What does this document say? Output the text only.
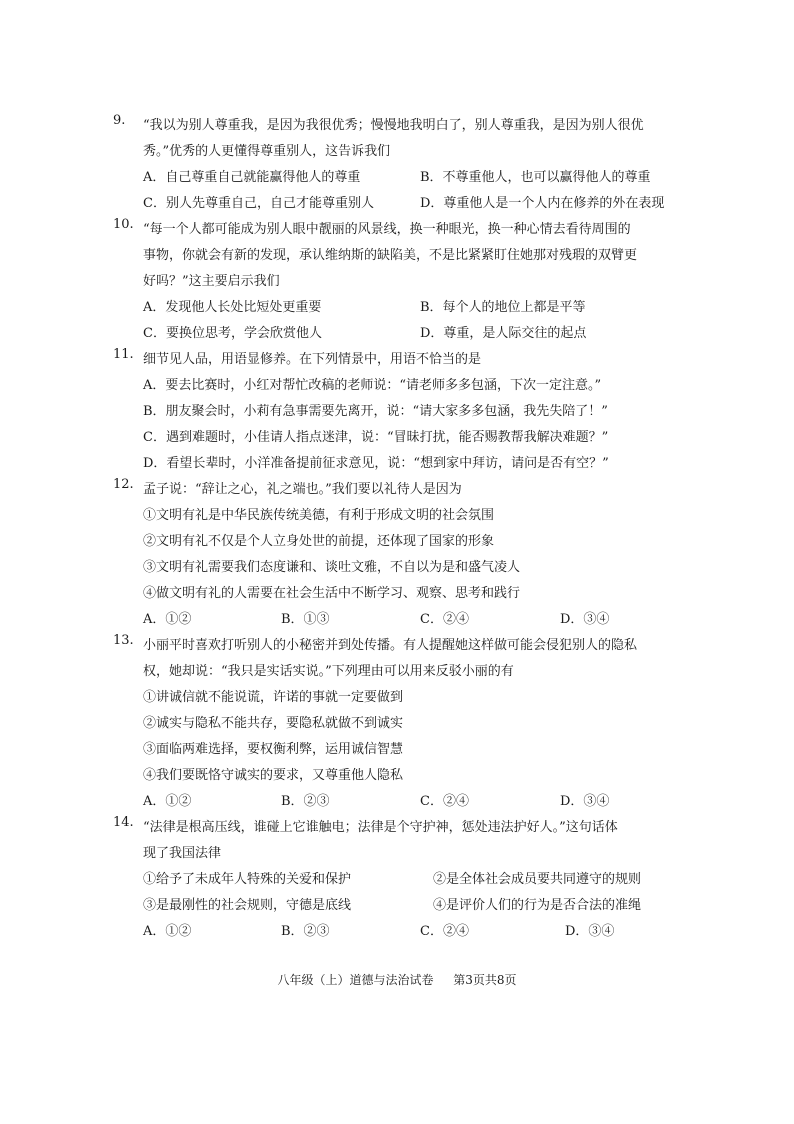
9.	“我以为别人尊重我，是因为我很优秀；慢慢地我明白了，别人尊重我，是因为别人很优
秀。”优秀的人更懂得尊重别人，这告诉我们
A．自己尊重自己就能赢得他人的尊重	B．不尊重他人，也可以赢得他人的尊重
C．别人先尊重自己，自己才能尊重别人	D．尊重他人是一个人内在修养的外在表现
10. “每一个人都可能成为别人眼中靓丽的风景线，换一种眼光，换一种心情去看待周围的
事物，你就会有新的发现，承认维纳斯的缺陷美，不是比紧紧盯住她那对残瑕的双臂更
好吗？”这主要启示我们
A．发现他人长处比短处更重要	B．每个人的地位上都是平等
C．要换位思考，学会欣赏他人	D．尊重，是人际交往的起点
11. 细节见人品，用语显修养。在下列情景中，用语不恰当的是
A．要去比赛时，小红对帮忙改稿的老师说：“请老师多多包涵，下次一定注意。”
B．朋友聚会时，小莉有急事需要先离开，说：“请大家多多包涵，我先失陪了！”
C．遇到难题时，小佳请人指点迷津，说：“冒昧打扰，能否赐教帮我解决难题？”
D．看望长辈时，小洋准备提前征求意见，说：“想到家中拜访，请问是否有空？”
12. 孟子说：“辞让之心，礼之端也。”我们要以礼待人是因为
①文明有礼是中华民族传统美德，有利于形成文明的社会氛围
②文明有礼不仅是个人立身处世的前提，还体现了国家的形象
③文明有礼需要我们态度谦和、谈吐文雅，不自以为是和盛气凌人
④做文明有礼的人需要在社会生活中不断学习、观察、思考和践行
A．①②	B．①③	C．②④	D．③④
13. 小丽平时喜欢打听别人的小秘密并到处传播。有人提醒她这样做可能会侵犯别人的隐私
权，她却说：“我只是实话实说。”下列理由可以用来反驳小丽的有
①讲诚信就不能说谎，许诺的事就一定要做到
②诚实与隐私不能共存，要隐私就做不到诚实
③面临两难选择，要权衡利弊，运用诚信智慧
④我们要既恪守诚实的要求，又尊重他人隐私
A．①②	B．②③	C．②④	D．③④
14. “法律是根高压线，谁碰上它谁触电；法律是个守护神，惩处违法护好人。”这句话体
现了我国法律
①给予了未成年人特殊的关爱和保护	②是全体社会成员要共同遵守的规则
③是最刚性的社会规则，守德是底线	④是评价人们的行为是否合法的准绳
A．①②	B．②③	C．②④	D．③④
八年级（上）道德与法治试卷 第3页共8页
